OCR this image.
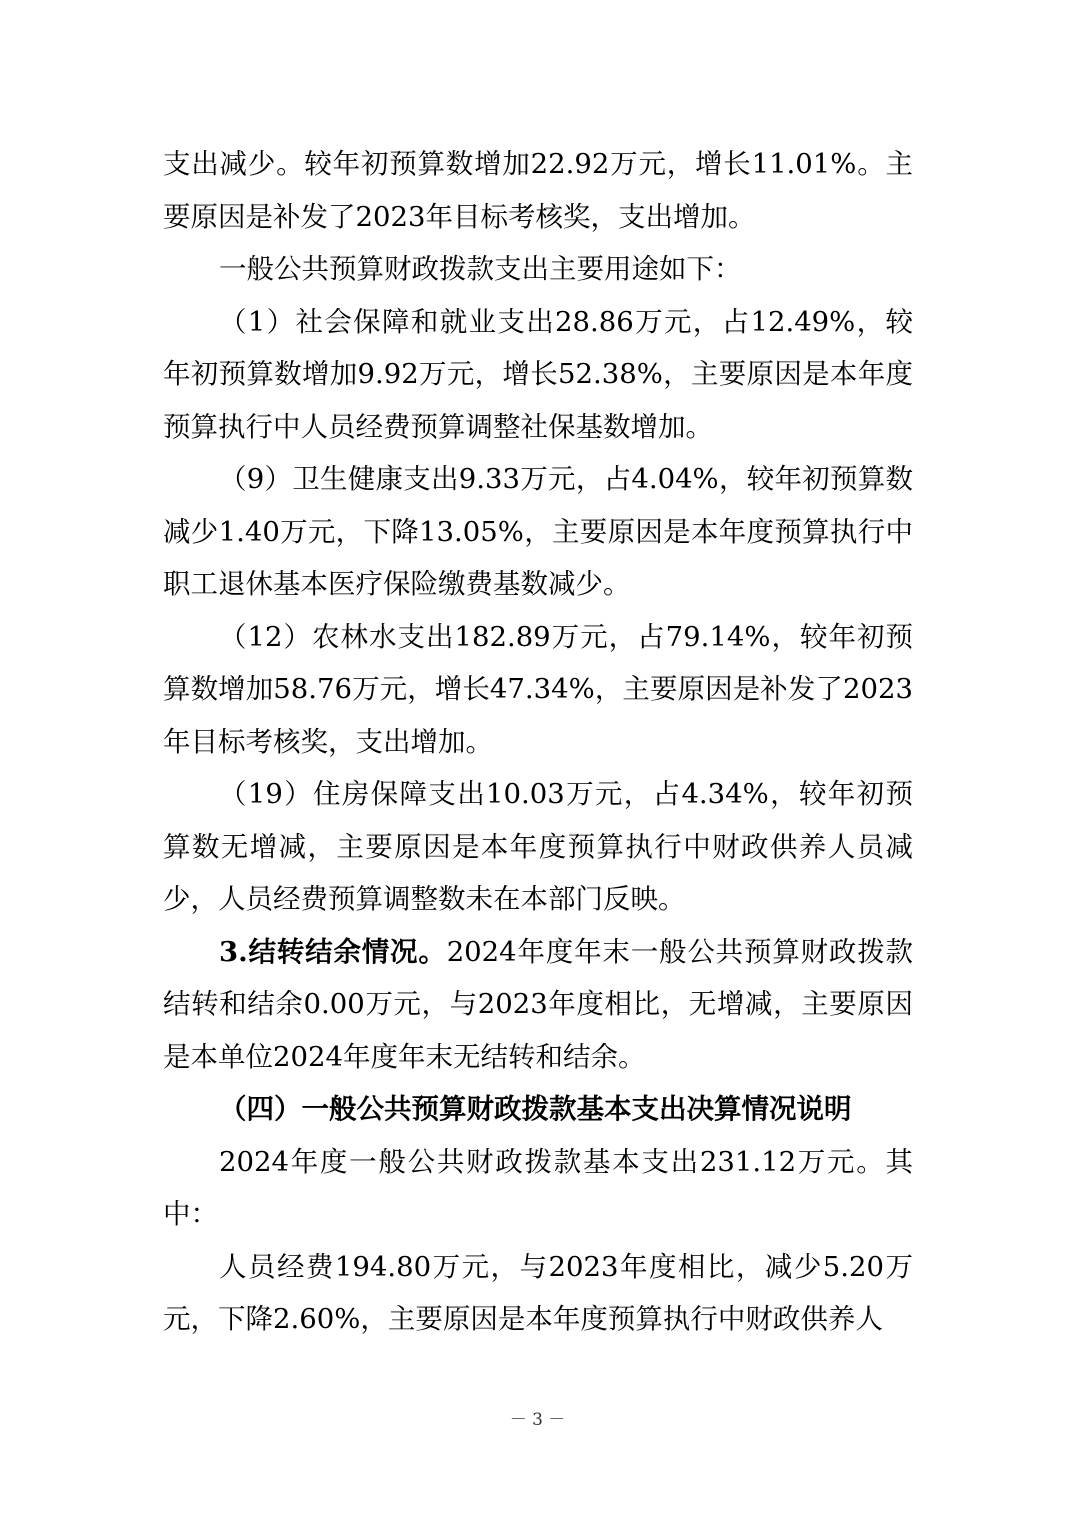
支出减少。较年初预算数增加22.92万元，增长11.01%。主要原因是补发了2023年目标考核奖，支出增加。

一般公共预算财政拨款支出主要用途如下：

（1）社会保障和就业支出28.86万元，占12.49%，较年初预算数增加9.92万元，增长52.38%，主要原因是本年度预算执行中人员经费预算调整社保基数增加。

（9）卫生健康支出9.33万元，占4.04%，较年初预算数减少1.40万元，下降13.05%，主要原因是本年度预算执行中职工退休基本医疗保险缴费基数减少。

（12）农林水支出182.89万元，占79.14%，较年初预算数增加58.76万元，增长47.34%，主要原因是补发了2023年目标考核奖，支出增加。

（19）住房保障支出10.03万元，占4.34%，较年初预算数无增减，主要原因是本年度预算执行中财政供养人员减少，人员经费预算调整数未在本部门反映。

3.结转结余情况。2024年度年末一般公共预算财政拨款结转和结余0.00万元，与2023年度相比，无增减，主要原因是本单位2024年度年末无结转和结余。

（四）一般公共预算财政拨款基本支出决算情况说明

2024年度一般公共财政拨款基本支出231.12万元。其中：

人员经费194.80万元，与2023年度相比，减少5.20万元，下降2.60%，主要原因是本年度预算执行中财政供养人

－ 3 －
